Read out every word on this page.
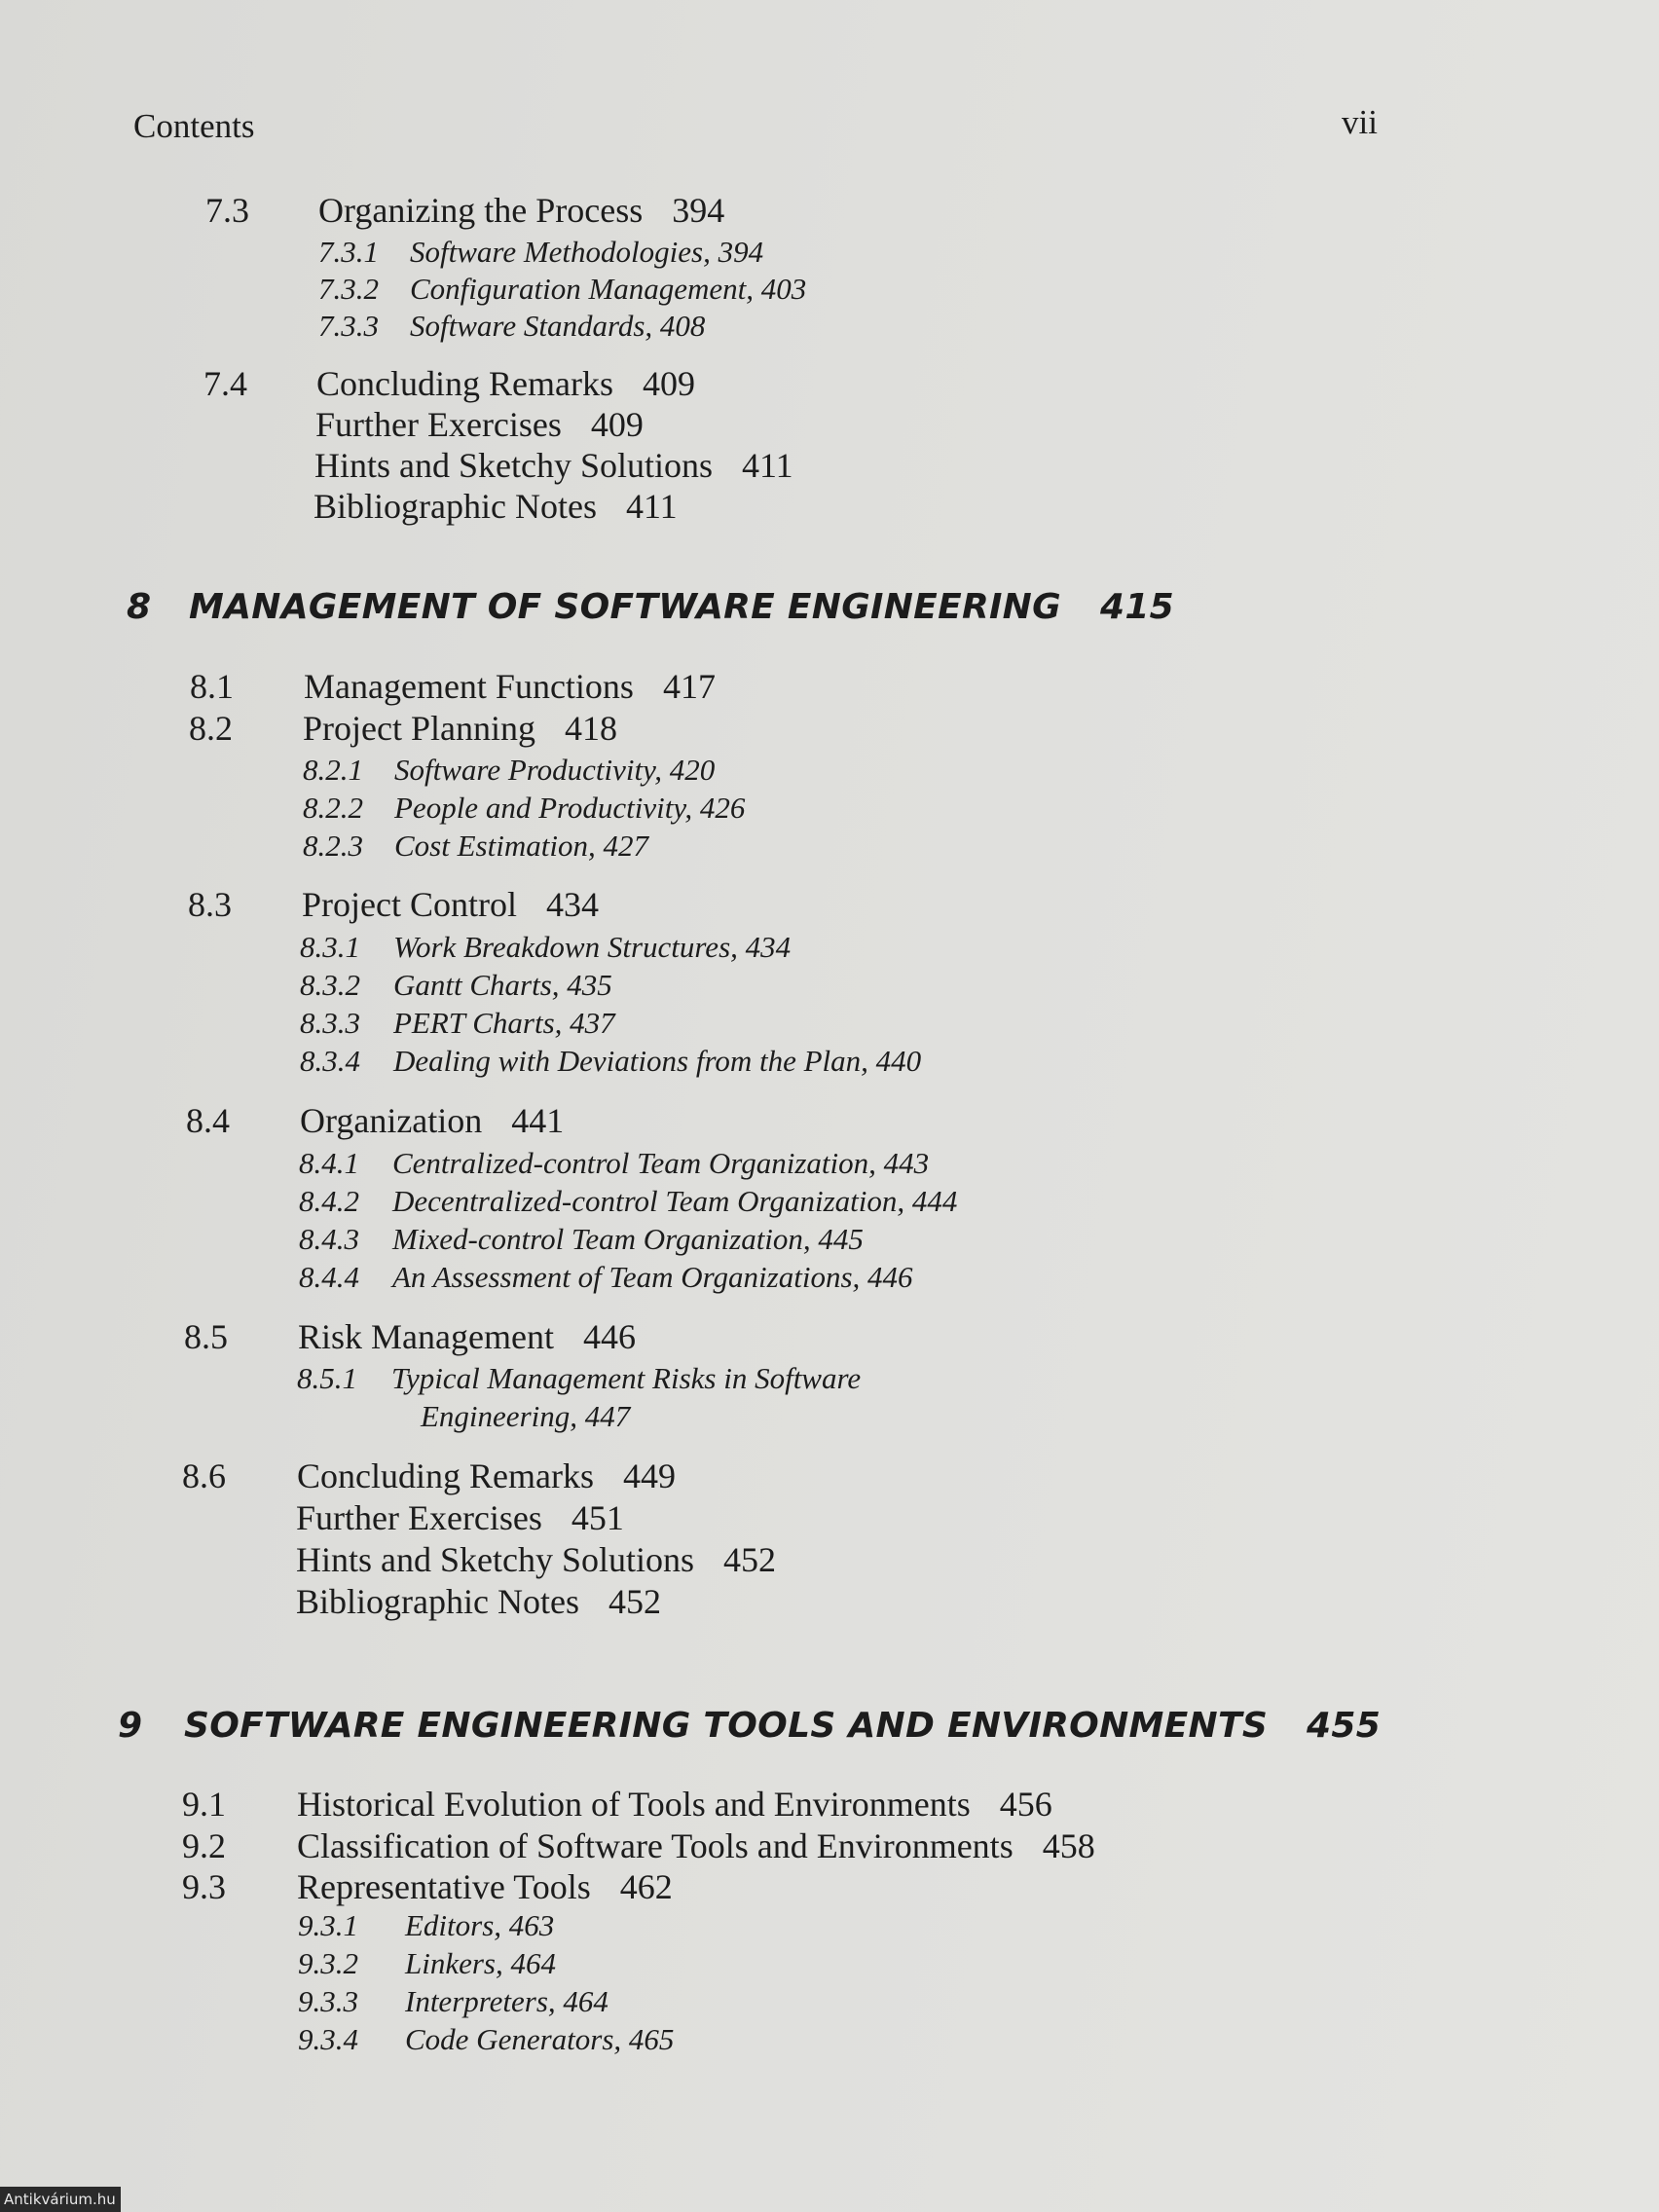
Contents	vii
7.3 Organizing the Process 394
7.3.1 Software Methodologies, 394
7.3.2 Configuration Management, 403
7.3.3 Software Standards, 408
7.4 Concluding Remarks 409
Further Exercises 409
Hints and Sketchy Solutions 411
Bibliographic Notes 411
8 MANAGEMENT OF SOFTWARE ENGINEERING 415
8.1 Management Functions 417
8.2 Project Planning 418
8.2.1 Software Productivity, 420
8.2.2 People and Productivity, 426
8.2.3 Cost Estimation, 427
8.3 Project Control 434
8.3.1 Work Breakdown Structures, 434
8.3.2 Gantt Charts, 435
8.3.3 PERT Charts, 437
8.3.4 Dealing with Deviations from the Plan, 440
8.4 Organization 441
8.4.1 Centralized-control Team Organization, 443
8.4.2 Decentralized-control Team Organization, 444
8.4.3 Mixed-control Team Organization, 445
8.4.4 An Assessment of Team Organizations, 446
8.5 Risk Management 446
8.5.1 Typical Management Risks in Software
Engineering, 447
8.6 Concluding Remarks 449
Further Exercises 451
Hints and Sketchy Solutions 452
Bibliographic Notes 452
9 SOFTWARE ENGINEERING TOOLS AND ENVIRONMENTS 455
9.1 Historical Evolution of Tools and Environments 456
9.2 Classification of Software Tools and Environments 458
9.3 Representative Tools 462
9.3.1 Editors, 463
9.3.2 Linkers, 464
9.3.3 Interpreters, 464
9.3.4 Code Generators, 465
Antikvárium.hu
